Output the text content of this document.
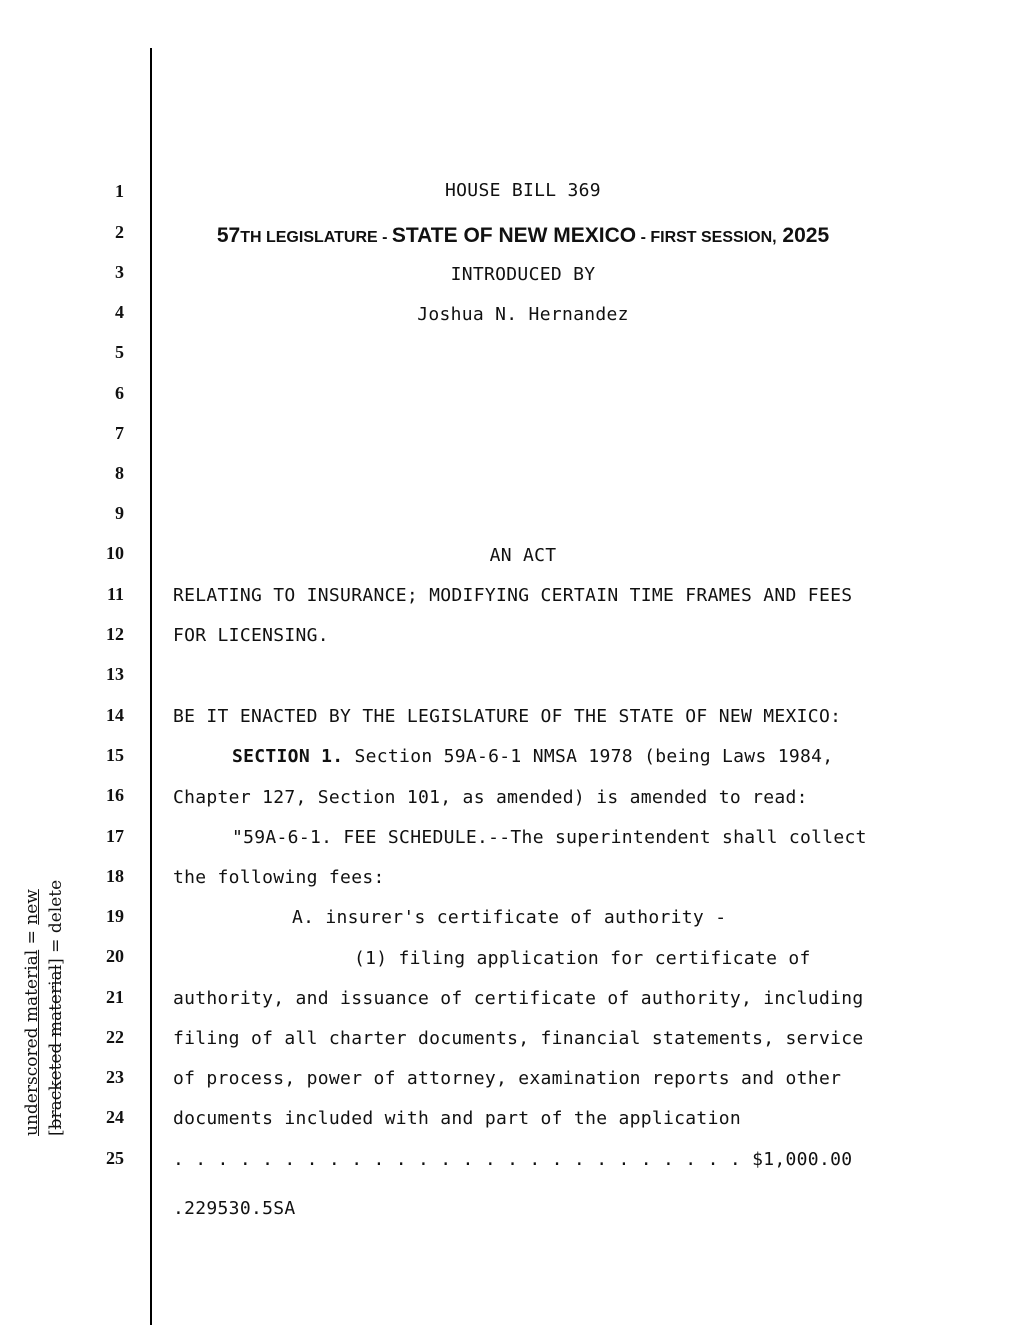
underscored material = new
[bracketed material] = delete
1
2
3
4
5
6
7
8
9
10
11
12
13
14
15
16
17
18
19
20
21
22
23
24
25
HOUSE BILL 369
57TH LEGISLATURE - STATE OF NEW MEXICO - FIRST SESSION, 2025
INTRODUCED BY
Joshua N. Hernandez
AN ACT
RELATING TO INSURANCE; MODIFYING CERTAIN TIME FRAMES AND FEES
FOR LICENSING.
BE IT ENACTED BY THE LEGISLATURE OF THE STATE OF NEW MEXICO:
SECTION 1. Section 59A-6-1 NMSA 1978 (being Laws 1984,
Chapter 127, Section 101, as amended) is amended to read:
"59A-6-1. FEE SCHEDULE.--The superintendent shall collect
the following fees:
A. insurer's certificate of authority -
(1) filing application for certificate of
authority, and issuance of certificate of authority, including
filing of all charter documents, financial statements, service
of process, power of attorney, examination reports and other
documents included with and part of the application
. . . . . . . . . . . . . . . . . . . . . . . . . . $1,000.00
.229530.5SA
